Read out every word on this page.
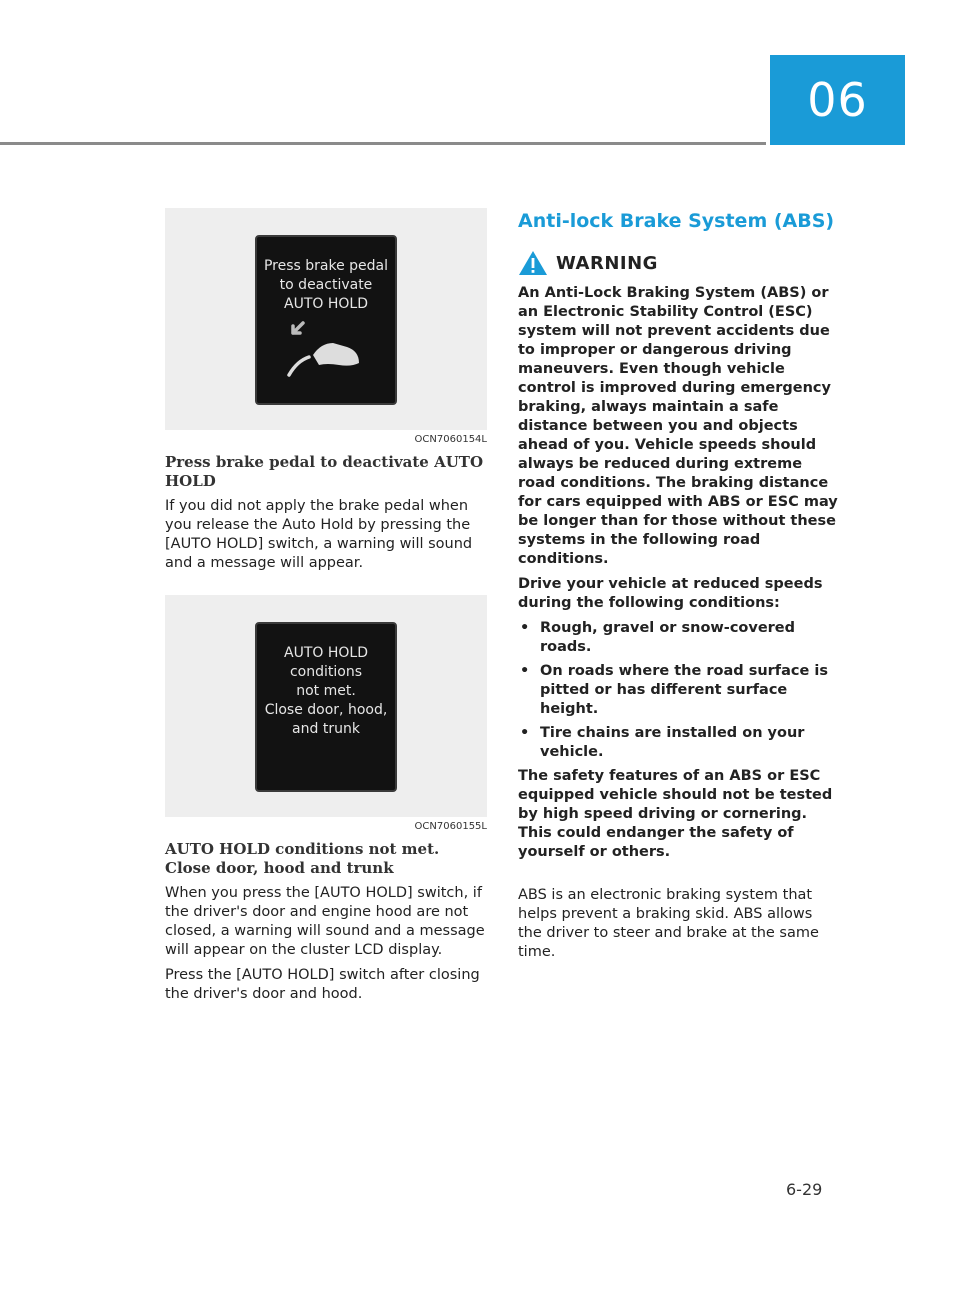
06
Press brake pedal
to deactivate
AUTO HOLD
OCN7060154L
Press brake pedal to deactivate AUTO HOLD
If you did not apply the brake pedal when you release the Auto Hold by pressing the [AUTO HOLD] switch, a warning will sound and a message will appear.
AUTO HOLD
conditions
not met.
Close door, hood,
and trunk
OCN7060155L
AUTO HOLD conditions not met. Close door, hood and trunk
When you press the [AUTO HOLD] switch, if the driver's door and engine hood are not closed, a warning will sound and a message will appear on the cluster LCD display.
Press the [AUTO HOLD] switch after closing the driver's door and hood.
Anti-lock Brake System (ABS)
WARNING
An Anti-Lock Braking System (ABS) or an Electronic Stability Control (ESC) system will not prevent accidents due to improper or dangerous driving maneuvers. Even though vehicle control is improved during emergency braking, always maintain a safe distance between you and objects ahead of you. Vehicle speeds should always be reduced during extreme road conditions. The braking distance for cars equipped with ABS or ESC may be longer than for those without these systems in the following road conditions.
Drive your vehicle at reduced speeds during the following conditions:
• Rough, gravel or snow-covered roads.
• On roads where the road surface is pitted or has different surface height.
• Tire chains are installed on your vehicle.
The safety features of an ABS or ESC equipped vehicle should not be tested by high speed driving or cornering. This could endanger the safety of yourself or others.
ABS is an electronic braking system that helps prevent a braking skid. ABS allows the driver to steer and brake at the same time.
6-29
